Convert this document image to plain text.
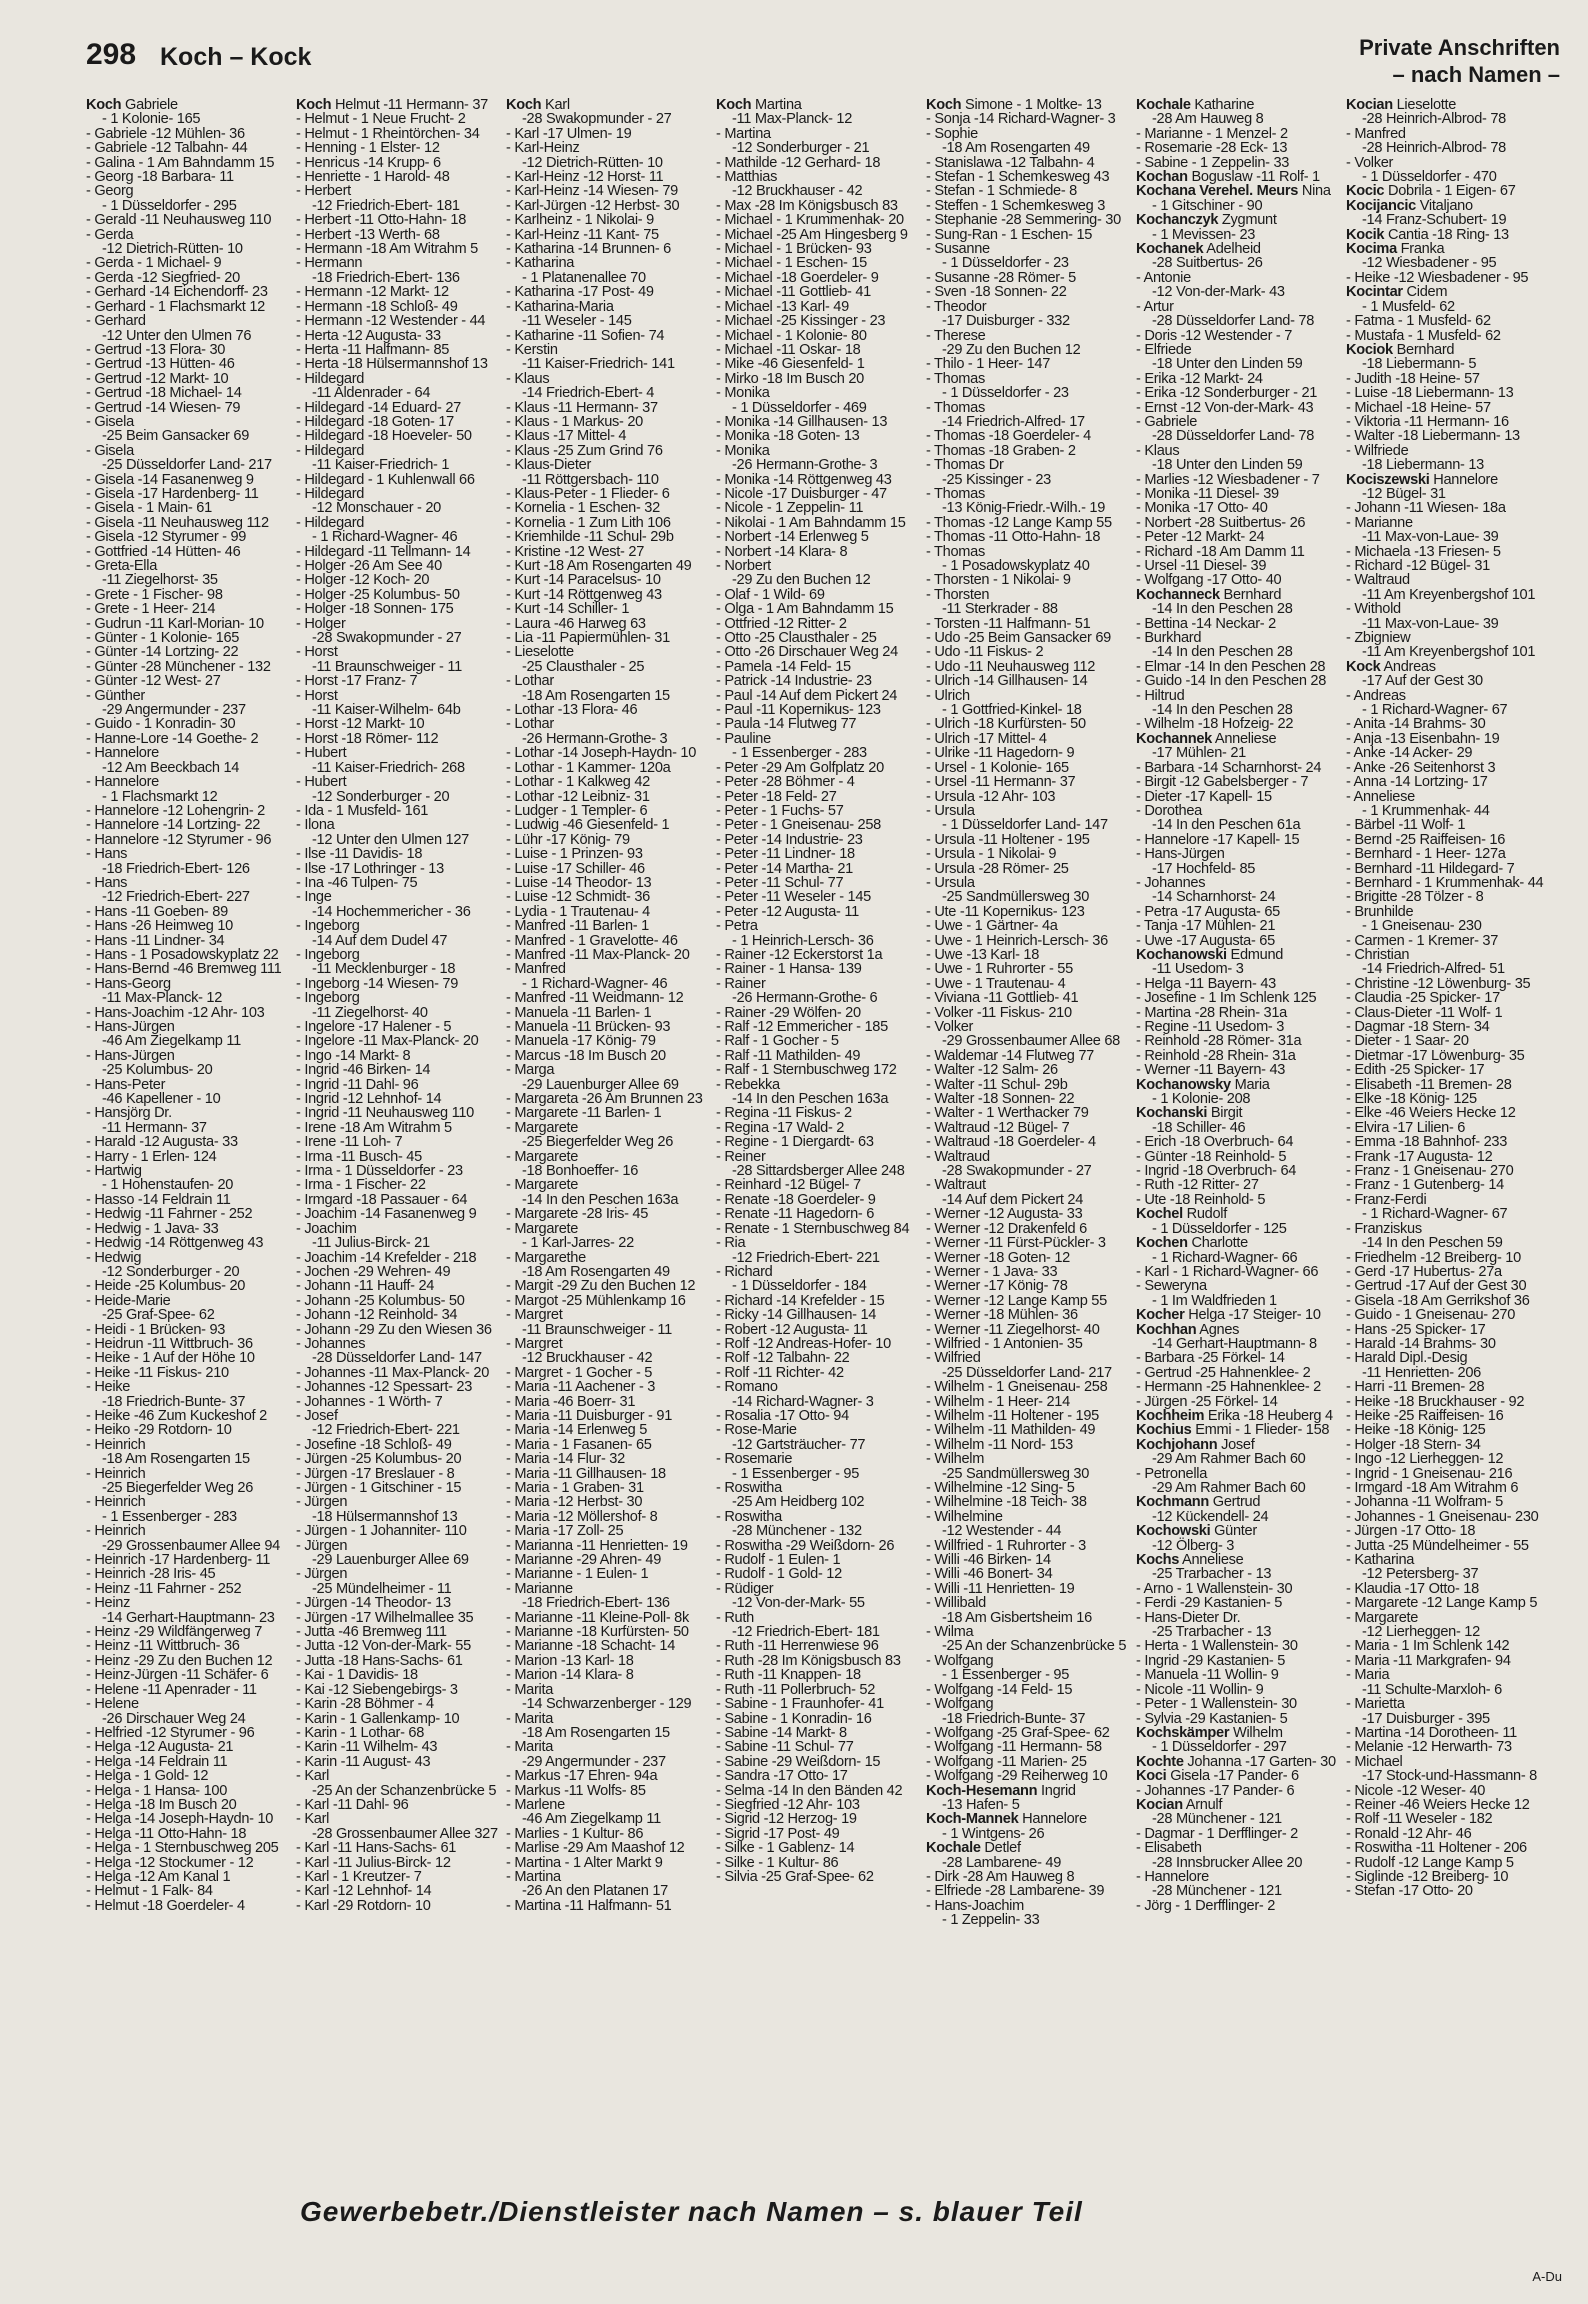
298 Koch – Kock	Private Anschriften
– nach Namen –
Koch Gabriele
- 1 Kolonie- 165
- Gabriele -12 Mühlen- 36
- Gabriele -12 Talbahn- 44
- Galina - 1 Am Bahndamm 15
- Georg -18 Barbara- 11
- Georg
- 1 Düsseldorfer - 295
- Gerald -11 Neuhausweg 110
- Gerda
-12 Dietrich-Rütten- 10
- Gerda - 1 Michael- 9
- Gerda -12 Siegfried- 20
- Gerhard -14 Eichendorff- 23
- Gerhard - 1 Flachsmarkt 12
- Gerhard
-12 Unter den Ulmen 76
- Gertrud -13 Flora- 30
- Gertrud -13 Hütten- 46
- Gertrud -12 Markt- 10
- Gertrud -18 Michael- 14
- Gertrud -14 Wiesen- 79
- Gisela
-25 Beim Gansacker 69
- Gisela
-25 Düsseldorfer Land- 217
- Gisela -14 Fasanenweg 9
- Gisela -17 Hardenberg- 11
- Gisela - 1 Main- 61
- Gisela -11 Neuhausweg 112
- Gisela -12 Styrumer - 99
- Gottfried -14 Hütten- 46
- Greta-Ella
-11 Ziegelhorst- 35
- Grete - 1 Fischer- 98
- Grete - 1 Heer- 214
- Gudrun -11 Karl-Morian- 10
- Günter - 1 Kolonie- 165
- Günter -14 Lortzing- 22
- Günter -28 Münchener - 132
- Günter -12 West- 27
- Günther
-29 Angermunder - 237
- Guido - 1 Konradin- 30
- Hanne-Lore -14 Goethe- 2
- Hannelore
-12 Am Beeckbach 14
- Hannelore
- 1 Flachsmarkt 12
- Hannelore -12 Lohengrin- 2
- Hannelore -14 Lortzing- 22
- Hannelore -12 Styrumer - 96
- Hans
-18 Friedrich-Ebert- 126
- Hans
-12 Friedrich-Ebert- 227
- Hans -11 Goeben- 89
- Hans -26 Heimweg 10
- Hans -11 Lindner- 34
- Hans - 1 Posadowskyplatz 22
- Hans-Bernd -46 Bremweg 111
- Hans-Georg
-11 Max-Planck- 12
- Hans-Joachim -12 Ahr- 103
- Hans-Jürgen
-46 Am Ziegelkamp 11
- Hans-Jürgen
-25 Kolumbus- 20
- Hans-Peter
-46 Kapellener - 10
- Hansjörg Dr.
-11 Hermann- 37
- Harald -12 Augusta- 33
- Harry - 1 Erlen- 124
- Hartwig
- 1 Hohenstaufen- 20
- Hasso -14 Feldrain 11
- Hedwig -11 Fahrner - 252
- Hedwig - 1 Java- 33
- Hedwig -14 Röttgenweg 43
- Hedwig
-12 Sonderburger - 20
- Heide -25 Kolumbus- 20
- Heide-Marie
-25 Graf-Spee- 62
- Heidi - 1 Brücken- 93
- Heidrun -11 Wittbruch- 36
- Heike - 1 Auf der Höhe 10
- Heike -11 Fiskus- 210
- Heike
-18 Friedrich-Bunte- 37
- Heike -46 Zum Kuckeshof 2
- Heiko -29 Rotdorn- 10
- Heinrich
-18 Am Rosengarten 15
- Heinrich
-25 Biegerfelder Weg 26
- Heinrich
- 1 Essenberger - 283
- Heinrich
-29 Grossenbaumer Allee 94
- Heinrich -17 Hardenberg- 11
- Heinrich -28 Iris- 45
- Heinz -11 Fahrner - 252
- Heinz
-14 Gerhart-Hauptmann- 23
- Heinz -29 Wildfängerweg 7
- Heinz -11 Wittbruch- 36
- Heinz -29 Zu den Buchen 12
- Heinz-Jürgen -11 Schäfer- 6
- Helene -11 Apenrader - 11
- Helene
-26 Dirschauer Weg 24
- Helfried -12 Styrumer - 96
- Helga -12 Augusta- 21
- Helga -14 Feldrain 11
- Helga - 1 Gold- 12
- Helga - 1 Hansa- 100
- Helga -18 Im Busch 20
- Helga -14 Joseph-Haydn- 10
- Helga -11 Otto-Hahn- 18
- Helga - 1 Sternbuschweg 205
- Helga -12 Stockumer - 12
- Helga -12 Am Kanal 1
- Helmut - 1 Falk- 84
- Helmut -18 Goerdeler- 4
Koch Helmut -11 Hermann- 37
- Helmut - 1 Neue Frucht- 2
- Helmut - 1 Rheintörchen- 34
- Henning - 1 Elster- 12
- Henricus -14 Krupp- 6
- Henriette - 1 Harold- 48
- Herbert
-12 Friedrich-Ebert- 181
- Herbert -11 Otto-Hahn- 18
- Herbert -13 Werth- 68
- Hermann -18 Am Witrahm 5
- Hermann
-18 Friedrich-Ebert- 136
- Hermann -12 Markt- 12
- Hermann -18 Schloß- 49
- Hermann -12 Westender - 44
- Herta -12 Augusta- 33
- Herta -11 Halfmann- 85
- Herta -18 Hülsermannshof 13
- Hildegard
-11 Aldenrader - 64
- Hildegard -14 Eduard- 27
- Hildegard -18 Goten- 17
- Hildegard -18 Hoeveler- 50
- Hildegard
-11 Kaiser-Friedrich- 1
- Hildegard - 1 Kuhlenwall 66
- Hildegard
-12 Monschauer - 20
- Hildegard
- 1 Richard-Wagner- 46
- Hildegard -11 Tellmann- 14
- Holger -26 Am See 40
- Holger -12 Koch- 20
- Holger -25 Kolumbus- 50
- Holger -18 Sonnen- 175
- Holger
-28 Swakopmunder - 27
- Horst
-11 Braunschweiger - 11
- Horst -17 Franz- 7
- Horst
-11 Kaiser-Wilhelm- 64b
- Horst -12 Markt- 10
- Horst -18 Römer- 112
- Hubert
-11 Kaiser-Friedrich- 268
- Hubert
-12 Sonderburger - 20
- Ida - 1 Musfeld- 161
- Ilona
-12 Unter den Ulmen 127
- Ilse -11 Davidis- 18
- Ilse -17 Lothringer - 13
- Ina -46 Tulpen- 75
- Inge
-14 Hochemmericher - 36
- Ingeborg
-14 Auf dem Dudel 47
- Ingeborg
-11 Mecklenburger - 18
- Ingeborg -14 Wiesen- 79
- Ingeborg
-11 Ziegelhorst- 40
- Ingelore -17 Halener - 5
- Ingelore -11 Max-Planck- 20
- Ingo -14 Markt- 8
- Ingrid -46 Birken- 14
- Ingrid -11 Dahl- 96
- Ingrid -12 Lehnhof- 14
- Ingrid -11 Neuhausweg 110
- Irene -18 Am Witrahm 5
- Irene -11 Loh- 7
- Irma -11 Busch- 45
- Irma - 1 Düsseldorfer - 23
- Irma - 1 Fischer- 22
- Irmgard -18 Passauer - 64
- Joachim -14 Fasanenweg 9
- Joachim
-11 Julius-Birck- 21
- Joachim -14 Krefelder - 218
- Jochen -29 Wehren- 49
- Johann -11 Hauff- 24
- Johann -25 Kolumbus- 50
- Johann -12 Reinhold- 34
- Johann -29 Zu den Wiesen 36
- Johannes
-28 Düsseldorfer Land- 147
- Johannes -11 Max-Planck- 20
- Johannes -12 Spessart- 23
- Johannes - 1 Wörth- 7
- Josef
-12 Friedrich-Ebert- 221
- Josefine -18 Schloß- 49
- Jürgen -25 Kolumbus- 20
- Jürgen -17 Breslauer - 8
- Jürgen - 1 Gitschiner - 15
- Jürgen
-18 Hülsermannshof 13
- Jürgen - 1 Johanniter- 110
- Jürgen
-29 Lauenburger Allee 69
- Jürgen
-25 Mündelheimer - 11
- Jürgen -14 Theodor- 13
- Jürgen -17 Wilhelmallee 35
- Jutta -46 Bremweg 111
- Jutta -12 Von-der-Mark- 55
- Jutta -18 Hans-Sachs- 61
- Kai - 1 Davidis- 18
- Kai -12 Siebengebirgs- 3
- Karin -28 Böhmer - 4
- Karin - 1 Gallenkamp- 10
- Karin - 1 Lothar- 68
- Karin -11 Wilhelm- 43
- Karin -11 August- 43
- Karl
-25 An der Schanzenbrücke 5
- Karl -11 Dahl- 96
- Karl
-28 Grossenbaumer Allee 327
- Karl -11 Hans-Sachs- 61
- Karl -11 Julius-Birck- 12
- Karl - 1 Kreutzer- 7
- Karl -12 Lehnhof- 14
- Karl -29 Rotdorn- 10
Koch Karl
-28 Swakopmunder - 27
- Karl -17 Ulmen- 19
- Karl-Heinz
-12 Dietrich-Rütten- 10
- Karl-Heinz -12 Horst- 11
- Karl-Heinz -14 Wiesen- 79
- Karl-Jürgen -12 Herbst- 30
- Karlheinz - 1 Nikolai- 9
- Karl-Heinz -11 Kant- 75
- Katharina -14 Brunnen- 6
- Katharina
- 1 Platanenallee 70
- Katharina -17 Post- 49
- Katharina-Maria
-11 Weseler - 145
- Katharine -11 Sofien- 74
- Kerstin
-11 Kaiser-Friedrich- 141
- Klaus
-14 Friedrich-Ebert- 4
- Klaus -11 Hermann- 37
- Klaus - 1 Markus- 20
- Klaus -17 Mittel- 4
- Klaus -25 Zum Grind 76
- Klaus-Dieter
-11 Röttgersbach- 110
- Klaus-Peter - 1 Flieder- 6
- Kornelia - 1 Eschen- 32
- Kornelia - 1 Zum Lith 106
- Kriemhilde -11 Schul- 29b
- Kristine -12 West- 27
- Kurt -18 Am Rosengarten 49
- Kurt -14 Paracelsus- 10
- Kurt -14 Röttgenweg 43
- Kurt -14 Schiller- 1
- Laura -46 Harweg 63
- Lia -11 Papiermühlen- 31
- Lieselotte
-25 Clausthaler - 25
- Lothar
-18 Am Rosengarten 15
- Lothar -13 Flora- 46
- Lothar
-26 Hermann-Grothe- 3
- Lothar -14 Joseph-Haydn- 10
- Lothar - 1 Kammer- 120a
- Lothar - 1 Kalkweg 42
- Lothar -12 Leibniz- 31
- Ludger - 1 Templer- 6
- Ludwig -46 Giesenfeld- 1
- Lühr -17 König- 79
- Luise - 1 Prinzen- 93
- Luise -17 Schiller- 46
- Luise -14 Theodor- 13
- Luise -12 Schmidt- 36
- Lydia - 1 Trautenau- 4
- Manfred -11 Barlen- 1
- Manfred - 1 Gravelotte- 46
- Manfred -11 Max-Planck- 20
- Manfred
- 1 Richard-Wagner- 46
- Manfred -11 Weidmann- 12
- Manuela -11 Barlen- 1
- Manuela -11 Brücken- 93
- Manuela -17 König- 79
- Marcus -18 Im Busch 20
- Marga
-29 Lauenburger Allee 69
- Margareta -26 Am Brunnen 23
- Margarete -11 Barlen- 1
- Margarete
-25 Biegerfelder Weg 26
- Margarete
-18 Bonhoeffer- 16
- Margarete
-14 In den Peschen 163a
- Margarete -28 Iris- 45
- Margarete
- 1 Karl-Jarres- 22
- Margarethe
-18 Am Rosengarten 49
- Margit -29 Zu den Buchen 12
- Margot -25 Mühlenkamp 16
- Margret
-11 Braunschweiger - 11
- Margret
-12 Bruckhauser - 42
- Margret - 1 Gocher - 5
- Maria -11 Aachener - 3
- Maria -46 Boerr- 31
- Maria -11 Duisburger - 91
- Maria -14 Erlenweg 5
- Maria - 1 Fasanen- 65
- Maria -14 Flur- 32
- Maria -11 Gillhausen- 18
- Maria - 1 Graben- 31
- Maria -12 Herbst- 30
- Maria -12 Möllershof- 8
- Maria -17 Zoll- 25
- Marianna -11 Henrietten- 19
- Marianne -29 Ahren- 49
- Marianne - 1 Eulen- 1
- Marianne
-18 Friedrich-Ebert- 136
- Marianne -11 Kleine-Poll- 8k
- Marianne -18 Kurfürsten- 50
- Marianne -18 Schacht- 14
- Marion -13 Karl- 18
- Marion -14 Klara- 8
- Marita
-14 Schwarzenberger - 129
- Marita
-18 Am Rosengarten 15
- Marita
-29 Angermunder - 237
- Markus -17 Ehren- 94a
- Markus -11 Wolfs- 85
- Marlene
-46 Am Ziegelkamp 11
- Marlies - 1 Kultur- 86
- Marlise -29 Am Maashof 12
- Martina - 1 Alter Markt 9
- Martina
-26 An den Platanen 17
- Martina -11 Halfmann- 51
Koch Martina
-11 Max-Planck- 12
- Martina
-12 Sonderburger - 21
- Mathilde -12 Gerhard- 18
- Matthias
-12 Bruckhauser - 42
- Max -28 Im Königsbusch 83
- Michael - 1 Krummenhak- 20
- Michael -25 Am Hingesberg 9
- Michael - 1 Brücken- 93
- Michael - 1 Eschen- 15
- Michael -18 Goerdeler- 9
- Michael -11 Gottlieb- 41
- Michael -13 Karl- 49
- Michael -25 Kissinger - 23
- Michael - 1 Kolonie- 80
- Michael -11 Oskar- 18
- Mike -46 Giesenfeld- 1
- Mirko -18 Im Busch 20
- Monika
- 1 Düsseldorfer - 469
- Monika -14 Gillhausen- 13
- Monika -18 Goten- 13
- Monika
-26 Hermann-Grothe- 3
- Monika -14 Röttgenweg 43
- Nicole -17 Duisburger - 47
- Nicole - 1 Zeppelin- 11
- Nikolai - 1 Am Bahndamm 15
- Norbert -14 Erlenweg 5
- Norbert -14 Klara- 8
- Norbert
-29 Zu den Buchen 12
- Olaf - 1 Wild- 69
- Olga - 1 Am Bahndamm 15
- Ottfried -12 Ritter- 2
- Otto -25 Clausthaler - 25
- Otto -26 Dirschauer Weg 24
- Pamela -14 Feld- 15
- Patrick -14 Industrie- 23
- Paul -14 Auf dem Pickert 24
- Paul -11 Kopernikus- 123
- Paula -14 Flutweg 77
- Pauline
- 1 Essenberger - 283
- Peter -29 Am Golfplatz 20
- Peter -28 Böhmer - 4
- Peter -18 Feld- 27
- Peter - 1 Fuchs- 57
- Peter - 1 Gneisenau- 258
- Peter -14 Industrie- 23
- Peter -11 Lindner- 18
- Peter -14 Martha- 21
- Peter -11 Schul- 77
- Peter -11 Weseler - 145
- Peter -12 Augusta- 11
- Petra
- 1 Heinrich-Lersch- 36
- Rainer -12 Eckerstorst 1a
- Rainer - 1 Hansa- 139
- Rainer
-26 Hermann-Grothe- 6
- Rainer -29 Wölfen- 20
- Ralf -12 Emmericher - 185
- Ralf - 1 Gocher - 5
- Ralf -11 Mathilden- 49
- Ralf - 1 Sternbuschweg 172
- Rebekka
-14 In den Peschen 163a
- Regina -11 Fiskus- 2
- Regina -17 Wald- 2
- Regine - 1 Diergardt- 63
- Reiner
-28 Sittardsberger Allee 248
- Reinhard -12 Bügel- 7
- Renate -18 Goerdeler- 9
- Renate -11 Hagedorn- 6
- Renate - 1 Sternbuschweg 84
- Ria
-12 Friedrich-Ebert- 221
- Richard
- 1 Düsseldorfer - 184
- Richard -14 Krefelder - 15
- Ricky -14 Gillhausen- 14
- Robert -12 Augusta- 11
- Rolf -12 Andreas-Hofer- 10
- Rolf -12 Talbahn- 22
- Rolf -11 Richter- 42
- Romano
-14 Richard-Wagner- 3
- Rosalia -17 Otto- 94
- Rose-Marie
-12 Gartsträucher- 77
- Rosemarie
- 1 Essenberger - 95
- Roswitha
-25 Am Heidberg 102
- Roswitha
-28 Münchener - 132
- Roswitha -29 Weißdorn- 26
- Rudolf - 1 Eulen- 1
- Rudolf - 1 Gold- 12
- Rüdiger
-12 Von-der-Mark- 55
- Ruth
-12 Friedrich-Ebert- 181
- Ruth -11 Herrenwiese 96
- Ruth -28 Im Königsbusch 83
- Ruth -11 Knappen- 18
- Ruth -11 Pollerbruch- 52
- Sabine - 1 Fraunhofer- 41
- Sabine - 1 Konradin- 16
- Sabine -14 Markt- 8
- Sabine -11 Schul- 77
- Sabine -29 Weißdorn- 15
- Sandra -17 Otto- 17
- Selma -14 In den Bänden 42
- Siegfried -12 Ahr- 103
- Sigrid -12 Herzog- 19
- Sigrid -17 Post- 49
- Silke - 1 Gablenz- 14
- Silke - 1 Kultur- 86
- Silvia -25 Graf-Spee- 62
Koch Simone - 1 Moltke- 13
- Sonja -14 Richard-Wagner- 3
- Sophie
-18 Am Rosengarten 49
- Stanislawa -12 Talbahn- 4
- Stefan - 1 Schemkesweg 43
- Stefan - 1 Schmiede- 8
- Steffen - 1 Schemkesweg 3
- Stephanie -28 Semmering- 30
- Sung-Ran - 1 Eschen- 15
- Susanne
- 1 Düsseldorfer - 23
- Susanne -28 Römer- 5
- Sven -18 Sonnen- 22
- Theodor
-17 Duisburger - 332
- Therese
-29 Zu den Buchen 12
- Thilo - 1 Heer- 147
- Thomas
- 1 Düsseldorfer - 23
- Thomas
-14 Friedrich-Alfred- 17
- Thomas -18 Goerdeler- 4
- Thomas -18 Graben- 2
- Thomas Dr
-25 Kissinger - 23
- Thomas
-13 König-Friedr.-Wilh.- 19
- Thomas -12 Lange Kamp 55
- Thomas -11 Otto-Hahn- 18
- Thomas
- 1 Posadowskyplatz 40
- Thorsten - 1 Nikolai- 9
- Thorsten
-11 Sterkrader - 88
- Torsten -11 Halfmann- 51
- Udo -25 Beim Gansacker 69
- Udo -11 Fiskus- 2
- Udo -11 Neuhausweg 112
- Ulrich -14 Gillhausen- 14
- Ulrich
- 1 Gottfried-Kinkel- 18
- Ulrich -18 Kurfürsten- 50
- Ulrich -17 Mittel- 4
- Ulrike -11 Hagedorn- 9
- Ursel - 1 Kolonie- 165
- Ursel -11 Hermann- 37
- Ursula -12 Ahr- 103
- Ursula
- 1 Düsseldorfer Land- 147
- Ursula -11 Holtener - 195
- Ursula - 1 Nikolai- 9
- Ursula -28 Römer- 25
- Ursula
-25 Sandmüllersweg 30
- Ute -11 Kopernikus- 123
- Uwe - 1 Gärtner- 4a
- Uwe - 1 Heinrich-Lersch- 36
- Uwe -13 Karl- 18
- Uwe - 1 Ruhrorter - 55
- Uwe - 1 Trautenau- 4
- Viviana -11 Gottlieb- 41
- Volker -11 Fiskus- 210
- Volker
-29 Grossenbaumer Allee 68
- Waldemar -14 Flutweg 77
- Walter -12 Salm- 26
- Walter -11 Schul- 29b
- Walter -18 Sonnen- 22
- Walter - 1 Werthacker 79
- Waltraud -12 Bügel- 7
- Waltraud -18 Goerdeler- 4
- Waltraud
-28 Swakopmunder - 27
- Waltraut
-14 Auf dem Pickert 24
- Werner -12 Augusta- 33
- Werner -12 Drakenfeld 6
- Werner -11 Fürst-Pückler- 3
- Werner -18 Goten- 12
- Werner - 1 Java- 33
- Werner -17 König- 78
- Werner -12 Lange Kamp 55
- Werner -18 Mühlen- 36
- Werner -11 Ziegelhorst- 40
- Wilfried - 1 Antonien- 35
- Wilfried
-25 Düsseldorfer Land- 217
- Wilhelm - 1 Gneisenau- 258
- Wilhelm - 1 Heer- 214
- Wilhelm -11 Holtener - 195
- Wilhelm -11 Mathilden- 49
- Wilhelm -11 Nord- 153
- Wilhelm
-25 Sandmüllersweg 30
- Wilhelmine -12 Sing- 5
- Wilhelmine -18 Teich- 38
- Wilhelmine
-12 Westender - 44
- Willfried - 1 Ruhrorter - 3
- Willi -46 Birken- 14
- Willi -46 Bonert- 34
- Willi -11 Henrietten- 19
- Willibald
-18 Am Gisbertsheim 16
- Wilma
-25 An der Schanzenbrücke 5
- Wolfgang
- 1 Essenberger - 95
- Wolfgang -14 Feld- 15
- Wolfgang
-18 Friedrich-Bunte- 37
- Wolfgang -25 Graf-Spee- 62
- Wolfgang -11 Hermann- 58
- Wolfgang -11 Marien- 25
- Wolfgang -29 Reiherweg 10
Koch-Hesemann Ingrid
-13 Hafen- 5
Koch-Mannek Hannelore
- 1 Wintgens- 26
Kochale Detlef
-28 Lambarene- 49
- Dirk -28 Am Hauweg 8
- Elfriede -28 Lambarene- 39
- Hans-Joachim
- 1 Zeppelin- 33
Kochale Katharine
-28 Am Hauweg 8
- Marianne - 1 Menzel- 2
- Rosemarie -28 Eck- 13
- Sabine - 1 Zeppelin- 33
Kochan Boguslaw -11 Rolf- 1
Kochana Verehel. Meurs Nina
- 1 Gitschiner - 90
Kochanczyk Zygmunt
- 1 Mevissen- 23
Kochanek Adelheid
-28 Suitbertus- 26
- Antonie
-12 Von-der-Mark- 43
- Artur
-28 Düsseldorfer Land- 78
- Doris -12 Westender - 7
- Elfriede
-18 Unter den Linden 59
- Erika -12 Markt- 24
- Erika -12 Sonderburger - 21
- Ernst -12 Von-der-Mark- 43
- Gabriele
-28 Düsseldorfer Land- 78
- Klaus
-18 Unter den Linden 59
- Marlies -12 Wiesbadener - 7
- Monika -11 Diesel- 39
- Monika -17 Otto- 40
- Norbert -28 Suitbertus- 26
- Peter -12 Markt- 24
- Richard -18 Am Damm 11
- Ursel -11 Diesel- 39
- Wolfgang -17 Otto- 40
Kochanneck Bernhard
-14 In den Peschen 28
- Bettina -14 Neckar- 2
- Burkhard
-14 In den Peschen 28
- Elmar -14 In den Peschen 28
- Guido -14 In den Peschen 28
- Hiltrud
-14 In den Peschen 28
- Wilhelm -18 Hofzeig- 22
Kochannek Anneliese
-17 Mühlen- 21
- Barbara -14 Scharnhorst- 24
- Birgit -12 Gabelsberger - 7
- Dieter -17 Kapell- 15
- Dorothea
-14 In den Peschen 61a
- Hannelore -17 Kapell- 15
- Hans-Jürgen
-17 Hochfeld- 85
- Johannes
-14 Scharnhorst- 24
- Petra -17 Augusta- 65
- Tanja -17 Mühlen- 21
- Uwe -17 Augusta- 65
Kochanowski Edmund
-11 Usedom- 3
- Helga -11 Bayern- 43
- Josefine - 1 Im Schlenk 125
- Martina -28 Rhein- 31a
- Regine -11 Usedom- 3
- Reinhold -28 Römer- 31a
- Reinhold -28 Rhein- 31a
- Werner -11 Bayern- 43
Kochanowsky Maria
- 1 Kolonie- 208
Kochanski Birgit
-18 Schiller- 46
- Erich -18 Overbruch- 64
- Günter -18 Reinhold- 5
- Ingrid -18 Overbruch- 64
- Ruth -12 Ritter- 27
- Ute -18 Reinhold- 5
Kochel Rudolf
- 1 Düsseldorfer - 125
Kochen Charlotte
- 1 Richard-Wagner- 66
- Karl - 1 Richard-Wagner- 66
- Seweryna
- 1 Im Waldfrieden 1
Kocher Helga -17 Steiger- 10
Kochhan Agnes
-14 Gerhart-Hauptmann- 8
- Barbara -25 Förkel- 14
- Gertrud -25 Hahnenklee- 2
- Hermann -25 Hahnenklee- 2
- Jürgen -25 Förkel- 14
Kochheim Erika -18 Heuberg 4
Kochius Emmi - 1 Flieder- 158
Kochjohann Josef
-29 Am Rahmer Bach 60
- Petronella
-29 Am Rahmer Bach 60
Kochmann Gertrud
-12 Kückendell- 24
Kochowski Günter
-12 Ölberg- 3
Kochs Anneliese
-25 Trarbacher - 13
- Arno - 1 Wallenstein- 30
- Ferdi -29 Kastanien- 5
- Hans-Dieter Dr.
-25 Trarbacher - 13
- Herta - 1 Wallenstein- 30
- Ingrid -29 Kastanien- 5
- Manuela -11 Wollin- 9
- Nicole -11 Wollin- 9
- Peter - 1 Wallenstein- 30
- Sylvia -29 Kastanien- 5
Kochskämper Wilhelm
- 1 Düsseldorfer - 297
Kochte Johanna -17 Garten- 30
Koci Gisela -17 Pander- 6
- Johannes -17 Pander- 6
Kocian Arnulf
-28 Münchener - 121
- Dagmar - 1 Derfflinger- 2
- Elisabeth
-28 Innsbrucker Allee 20
- Hannelore
-28 Münchener - 121
- Jörg - 1 Derfflinger- 2
Kocian Lieselotte
-28 Heinrich-Albrod- 78
- Manfred
-28 Heinrich-Albrod- 78
- Volker
- 1 Düsseldorfer - 470
Kocic Dobrila - 1 Eigen- 67
Kocijancic Vitaljano
-14 Franz-Schubert- 19
Kocik Cantia -18 Ring- 13
Kocima Franka
-12 Wiesbadener - 95
- Heike -12 Wiesbadener - 95
Kocintar Cidem
- 1 Musfeld- 62
- Fatma - 1 Musfeld- 62
- Mustafa - 1 Musfeld- 62
Kociok Bernhard
-18 Liebermann- 5
- Judith -18 Heine- 57
- Luise -18 Liebermann- 13
- Michael -18 Heine- 57
- Viktoria -11 Hermann- 16
- Walter -18 Liebermann- 13
- Wilfriede
-18 Liebermann- 13
Kociszewski Hannelore
-12 Bügel- 31
- Johann -11 Wiesen- 18a
- Marianne
-11 Max-von-Laue- 39
- Michaela -13 Friesen- 5
- Richard -12 Bügel- 31
- Waltraud
-11 Am Kreyenbergshof 101
- Withold
-11 Max-von-Laue- 39
- Zbigniew
-11 Am Kreyenbergshof 101
Kock Andreas
-17 Auf der Gest 30
- Andreas
- 1 Richard-Wagner- 67
- Anita -14 Brahms- 30
- Anja -13 Eisenbahn- 19
- Anke -14 Acker- 29
- Anke -26 Seitenhorst 3
- Anna -14 Lortzing- 17
- Anneliese
- 1 Krummenhak- 44
- Bärbel -11 Wolf- 1
- Bernd -25 Raiffeisen- 16
- Bernhard - 1 Heer- 127a
- Bernhard -11 Hildegard- 7
- Bernhard - 1 Krummenhak- 44
- Brigitte -28 Tölzer - 8
- Brunhilde
- 1 Gneisenau- 230
- Carmen - 1 Kremer- 37
- Christian
-14 Friedrich-Alfred- 51
- Christine -12 Löwenburg- 35
- Claudia -25 Spicker- 17
- Claus-Dieter -11 Wolf- 1
- Dagmar -18 Stern- 34
- Dieter - 1 Saar- 20
- Dietmar -17 Löwenburg- 35
- Edith -25 Spicker- 17
- Elisabeth -11 Bremen- 28
- Elke -18 König- 125
- Elke -46 Weiers Hecke 12
- Elvira -17 Lilien- 6
- Emma -18 Bahnhof- 233
- Frank -17 Augusta- 12
- Franz - 1 Gneisenau- 270
- Franz - 1 Gutenberg- 14
- Franz-Ferdi
- 1 Richard-Wagner- 67
- Franziskus
-14 In den Peschen 59
- Friedhelm -12 Breiberg- 10
- Gerd -17 Hubertus- 27a
- Gertrud -17 Auf der Gest 30
- Gisela -18 Am Gerrikshof 36
- Guido - 1 Gneisenau- 270
- Hans -25 Spicker- 17
- Harald -14 Brahms- 30
- Harald Dipl.-Desig
-11 Henrietten- 206
- Harri -11 Bremen- 28
- Heike -18 Bruckhauser - 92
- Heike -25 Raiffeisen- 16
- Heike -18 König- 125
- Holger -18 Stern- 34
- Ingo -12 Lierheggen- 12
- Ingrid - 1 Gneisenau- 216
- Irmgard -18 Am Witrahm 6
- Johanna -11 Wolfram- 5
- Johannes - 1 Gneisenau- 230
- Jürgen -17 Otto- 18
- Jutta -25 Mündelheimer - 55
- Katharina
-12 Petersberg- 37
- Klaudia -17 Otto- 18
- Margarete -12 Lange Kamp 5
- Margarete
-12 Lierheggen- 12
- Maria - 1 Im Schlenk 142
- Maria -11 Markgrafen- 94
- Maria
-11 Schulte-Marxloh- 6
- Marietta
-17 Duisburger - 395
- Martina -14 Dorotheen- 11
- Melanie -12 Herwarth- 73
- Michael
-17 Stock-und-Hassmann- 8
- Nicole -12 Weser- 40
- Reiner -46 Weiers Hecke 12
- Rolf -11 Weseler - 182
- Ronald -12 Ahr- 46
- Roswitha -11 Holtener - 206
- Rudolf -12 Lange Kamp 5
- Siglinde -12 Breiberg- 10
- Stefan -17 Otto- 20
Gewerbebetr./Dienstleister nach Namen – s. blauer Teil
A-Du
